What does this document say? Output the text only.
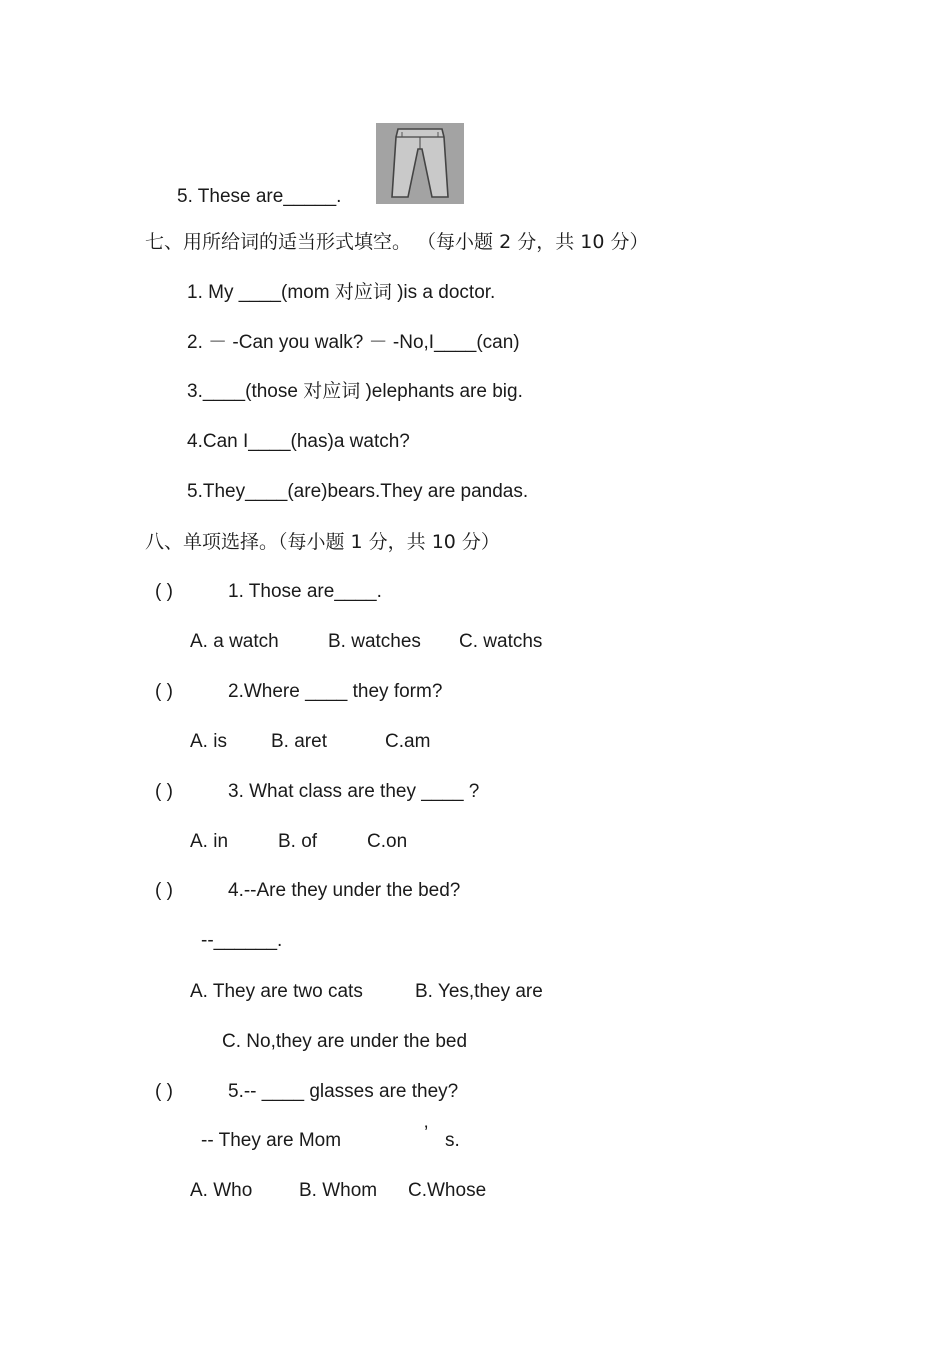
5. These are_____.
七、用所给词的适当形式填空。 （每小题 2 分，共 10 分）
1. My ____(mom 对应词 )is a doctor.
2. － -Can you walk? － -No,I____(can)
3.____(those 对应词 )elephants are big.
4.Can I____(has)a watch?
5.They____(are)bears.They are pandas.
八、单项选择。（每小题 1 分，共 10 分）
( )	1. Those are____.
A. a watch	B. watches C. watchs
( )	2.Where ____ they form?
A. is B. aret	C.am
( )	3. What class are they ____ ?
A. in	B. of	C.on
( )	4.--Are they under the bed?
--______.
A. They are two cats	B. Yes,they are
C. No,they are under the bed
( )	5.-- ____ glasses are they?
-- They are Mom	’ s.
A. Who B. Whom C.Whose
